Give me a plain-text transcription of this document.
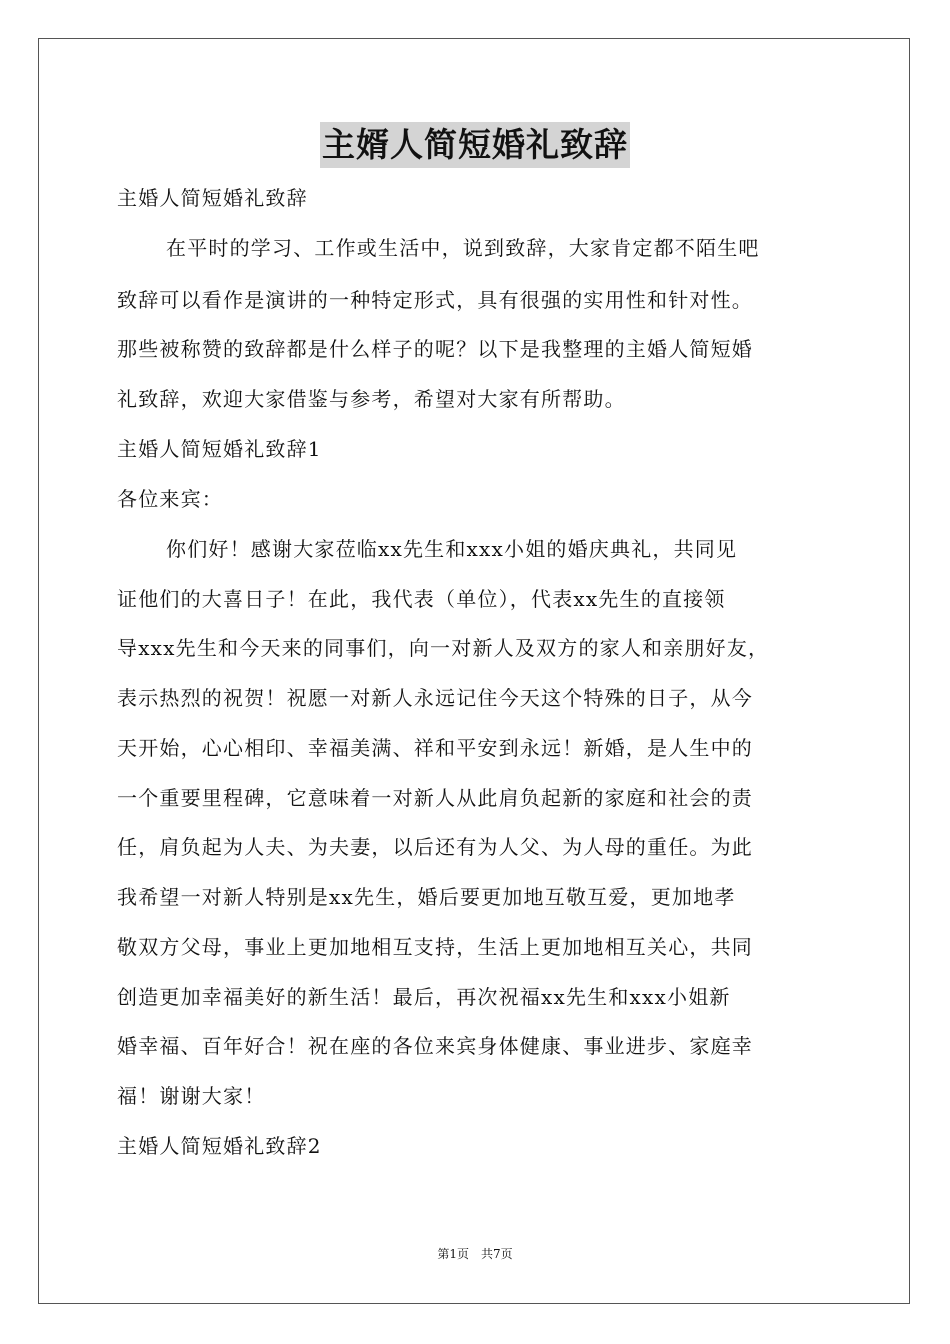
主婿人简短婚礼致辞
主婚人简短婚礼致辞
在平时的学习、工作或生活中，说到致辞，大家肯定都不陌生吧
致辞可以看作是演讲的一种特定形式，具有很强的实用性和针对性。
那些被称赞的致辞都是什么样子的呢？以下是我整理的主婚人简短婚
礼致辞，欢迎大家借鉴与参考，希望对大家有所帮助。
主婚人简短婚礼致辞1
各位来宾：
你们好！感谢大家莅临xx先生和xxx小姐的婚庆典礼，共同见
证他们的大喜日子！在此，我代表（单位），代表xx先生的直接领
导xxx先生和今天来的同事们，向一对新人及双方的家人和亲朋好友，
表示热烈的祝贺！祝愿一对新人永远记住今天这个特殊的日子，从今
天开始，心心相印、幸福美满、祥和平安到永远！新婚，是人生中的
一个重要里程碑，它意味着一对新人从此肩负起新的家庭和社会的责
任，肩负起为人夫、为夫妻，以后还有为人父、为人母的重任。为此
我希望一对新人特别是xx先生，婚后要更加地互敬互爱，更加地孝
敬双方父母，事业上更加地相互支持，生活上更加地相互关心，共同
创造更加幸福美好的新生活！最后，再次祝福xx先生和xxx小姐新
婚幸福、百年好合！祝在座的各位来宾身体健康、事业进步、家庭幸
福！谢谢大家！
主婚人简短婚礼致辞2
第1页　共7页
